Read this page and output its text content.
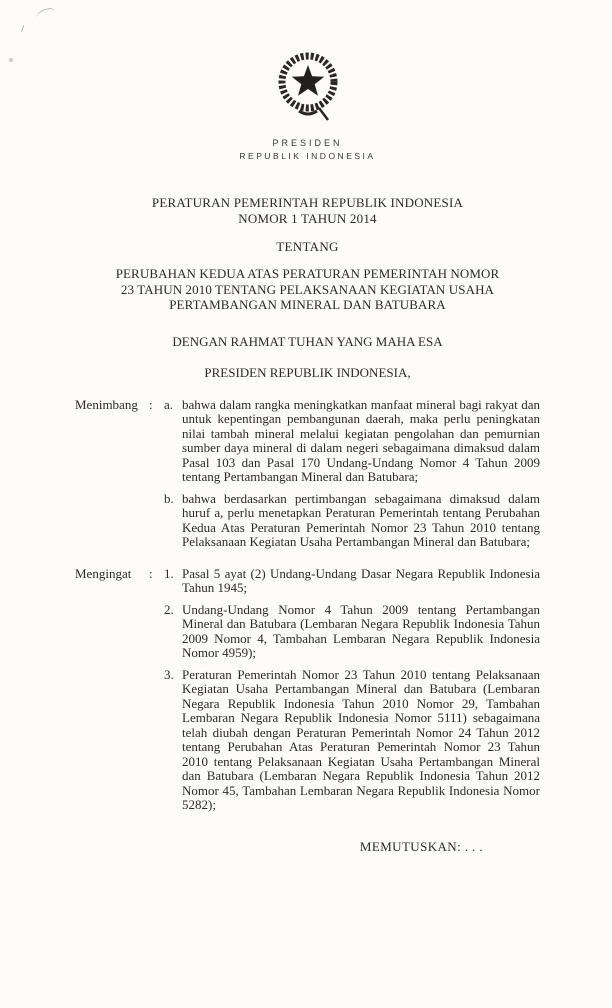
PRESIDEN
REPUBLIK INDONESIA
PERATURAN PEMERINTAH REPUBLIK INDONESIA
NOMOR 1 TAHUN 2014
TENTANG
PERUBAHAN KEDUA ATAS PERATURAN PEMERINTAH NOMOR 23 TAHUN 2010 TENTANG PELAKSANAAN KEGIATAN USAHA PERTAMBANGAN MINERAL DAN BATUBARA
DENGAN RAHMAT TUHAN YANG MAHA ESA
PRESIDEN REPUBLIK INDONESIA,
Menimbang : a. bahwa dalam rangka meningkatkan manfaat mineral bagi rakyat dan untuk kepentingan pembangunan daerah, maka perlu peningkatan nilai tambah mineral melalui kegiatan pengolahan dan pemurnian sumber daya mineral di dalam negeri sebagaimana dimaksud dalam Pasal 103 dan Pasal 170 Undang-Undang Nomor 4 Tahun 2009 tentang Pertambangan Mineral dan Batubara;
b. bahwa berdasarkan pertimbangan sebagaimana dimaksud dalam huruf a, perlu menetapkan Peraturan Pemerintah tentang Perubahan Kedua Atas Peraturan Pemerintah Nomor 23 Tahun 2010 tentang Pelaksanaan Kegiatan Usaha Pertambangan Mineral dan Batubara;
Mengingat	: 1. Pasal 5 ayat (2) Undang-Undang Dasar Negara Republik Indonesia Tahun 1945;
2. Undang-Undang Nomor 4 Tahun 2009 tentang Pertambangan Mineral dan Batubara (Lembaran Negara Republik Indonesia Tahun 2009 Nomor 4, Tambahan Lembaran Negara Republik Indonesia Nomor 4959);
3. Peraturan Pemerintah Nomor 23 Tahun 2010 tentang Pelaksanaan Kegiatan Usaha Pertambangan Mineral dan Batubara (Lembaran Negara Republik Indonesia Tahun 2010 Nomor 29, Tambahan Lembaran Negara Republik Indonesia Nomor 5111) sebagaimana telah diubah dengan Peraturan Pemerintah Nomor 24 Tahun 2012 tentang Perubahan Atas Peraturan Pemerintah Nomor 23 Tahun 2010 tentang Pelaksanaan Kegiatan Usaha Pertambangan Mineral dan Batubara (Lembaran Negara Republik Indonesia Tahun 2012 Nomor 45, Tambahan Lembaran Negara Republik Indonesia Nomor 5282);
MEMUTUSKAN: . . .
